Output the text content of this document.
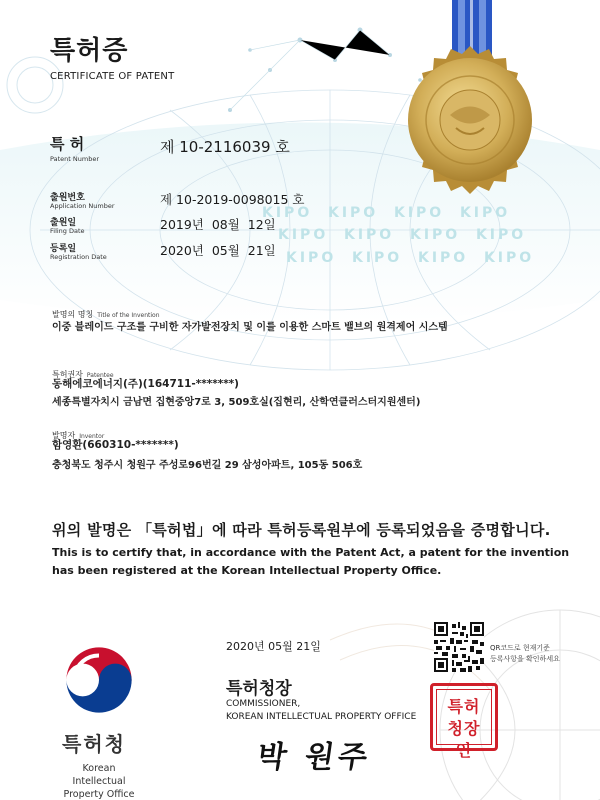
KIPO KIPO KIPO KIPO
KIPO KIPO KIPO KIPO
KIPO KIPO KIPO KIPO
특허증
CERTIFICATE OF PATENT
특 허
Patent Number
제 10-2116039 호
출원번호
Application Number	제 10-2019-0098015 호
출원일
Filing Date	2019년  08월  12일
등록일
Registration Date	2020년  05월  21일
발명의 명칭 Title of the Invention
이중 블레이드 구조를 구비한 자가발전장치 및 이를 이용한 스마트 밸브의 원격제어 시스템
특허권자 Patentee
동해에코에너지(주)(164711-*******)
세종특별자치시 금남면 집현중앙7로 3, 509호실(집현리, 산학연클러스터지원센터)
발명자 Inventor
함영환(660310-*******)
충청북도 청주시 청원구 주성로96번길 29 삼성아파트, 105동 506호
위의 발명은 「특허법」에 따라 특허등록원부에 등록되었음을 증명합니다.
This is to certify that, in accordance with the Patent Act, a patent for the invention
has been registered at the Korean Intellectual Property Office.
2020년 05월 21일	QR코드로 현재기준
등록사항을 확인하세요
특허청장
COMMISSIONER,
KOREAN INTELLECTUAL PROPERTY OFFICE
박 원주
특허청장인
특허청
Korean Intellectual
Property Office
